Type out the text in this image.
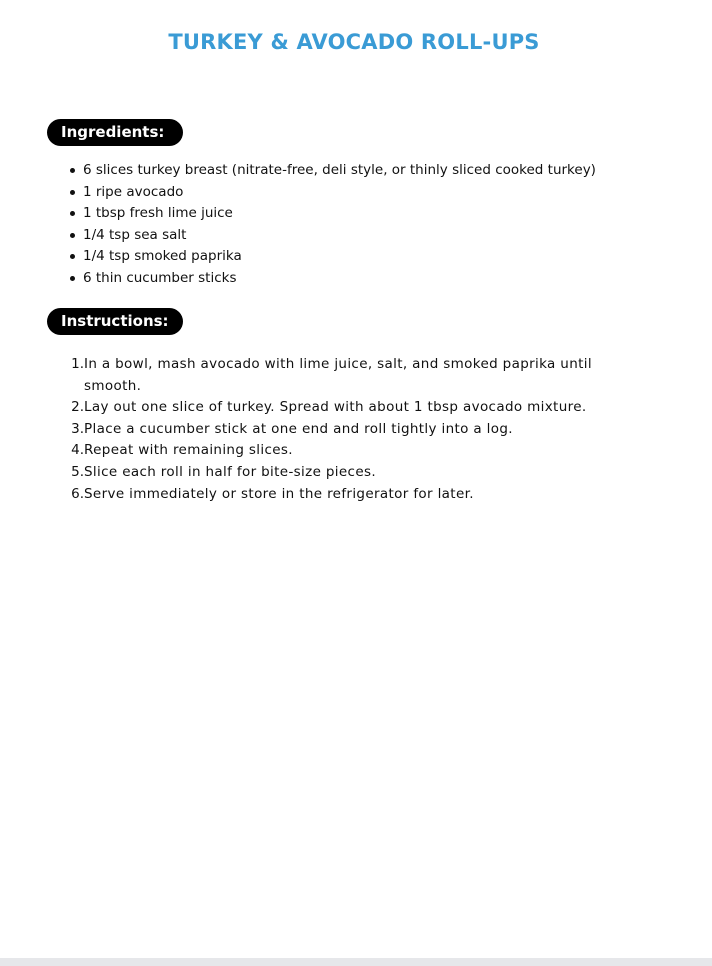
TURKEY & AVOCADO ROLL-UPS
Ingredients:
6 slices turkey breast (nitrate-free, deli style, or thinly sliced cooked turkey)
1 ripe avocado
1 tbsp fresh lime juice
1/4 tsp sea salt
1/4 tsp smoked paprika
6 thin cucumber sticks
Instructions:
1. In a bowl, mash avocado with lime juice, salt, and smoked paprika until smooth.
2. Lay out one slice of turkey. Spread with about 1 tbsp avocado mixture.
3. Place a cucumber stick at one end and roll tightly into a log.
4. Repeat with remaining slices.
5. Slice each roll in half for bite-size pieces.
6. Serve immediately or store in the refrigerator for later.
